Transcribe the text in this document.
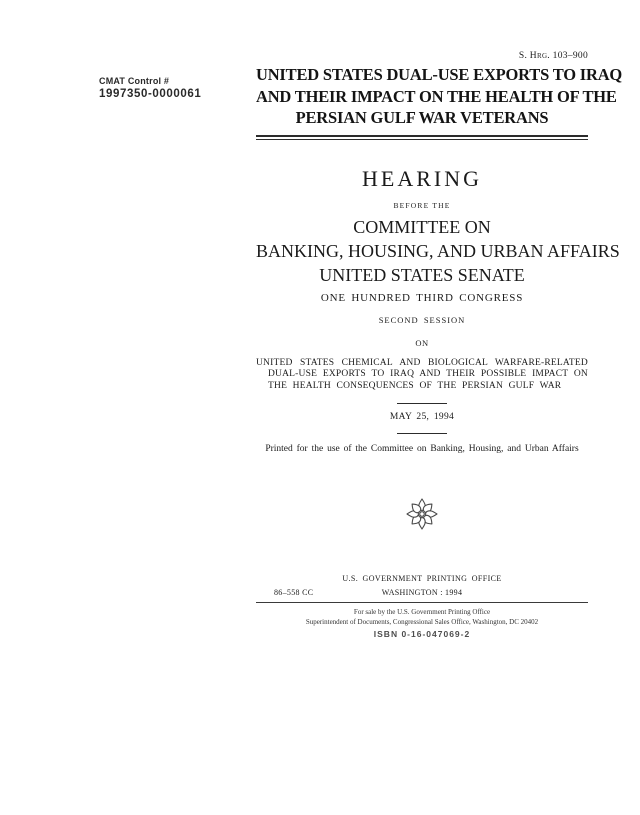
CMAT Control #
1997350-0000061
S. Hrg. 103–900
UNITED STATES DUAL-USE EXPORTS TO IRAQ
AND THEIR IMPACT ON THE HEALTH OF THE
PERSIAN GULF WAR VETERANS
HEARING
BEFORE THE
COMMITTEE ON
BANKING, HOUSING, AND URBAN AFFAIRS
UNITED STATES SENATE
ONE HUNDRED THIRD CONGRESS
SECOND SESSION
ON
UNITED STATES CHEMICAL AND BIOLOGICAL WARFARE-RELATED DUAL-USE EXPORTS TO IRAQ AND THEIR POSSIBLE IMPACT ON THE HEALTH CONSEQUENCES OF THE PERSIAN GULF WAR
MAY 25, 1994
Printed for the use of the Committee on Banking, Housing, and Urban Affairs
U.S. GOVERNMENT PRINTING OFFICE
86–558 CC	WASHINGTON : 1994
For sale by the U.S. Government Printing Office
Superintendent of Documents, Congressional Sales Office, Washington, DC 20402
ISBN 0-16-047069-2
